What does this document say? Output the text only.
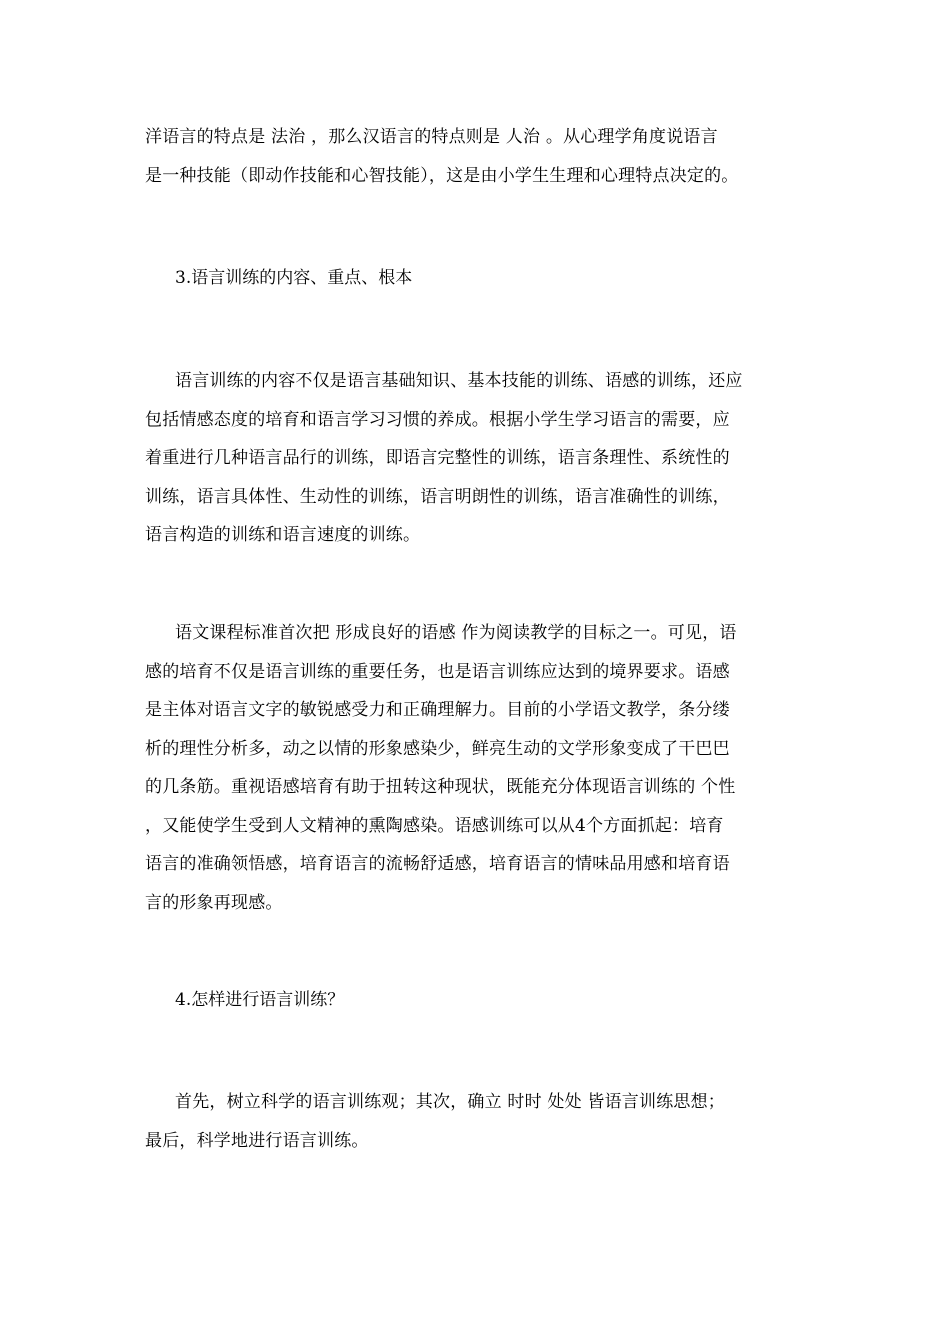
洋语言的特点是 法治 ，那么汉语言的特点则是 人治 。从心理学角度说语言
是一种技能（即动作技能和心智技能），这是由小学生生理和心理特点决定的。

3.语言训练的内容、重点、根本

语言训练的内容不仅是语言基础知识、基本技能的训练、语感的训练，还应
包括情感态度的培育和语言学习习惯的养成。根据小学生学习语言的需要，应
着重进行几种语言品行的训练，即语言完整性的训练，语言条理性、系统性的
训练，语言具体性、生动性的训练，语言明朗性的训练，语言准确性的训练，
语言构造的训练和语言速度的训练。

语文课程标准首次把 形成良好的语感 作为阅读教学的目标之一。可见，语
感的培育不仅是语言训练的重要任务，也是语言训练应达到的境界要求。语感
是主体对语言文字的敏锐感受力和正确理解力。目前的小学语文教学，条分缕
析的理性分析多，动之以情的形象感染少，鲜亮生动的文学形象变成了干巴巴
的几条筋。重视语感培育有助于扭转这种现状，既能充分体现语言训练的 个性
，又能使学生受到人文精神的熏陶感染。语感训练可以从4个方面抓起：培育
语言的准确领悟感，培育语言的流畅舒适感，培育语言的情味品用感和培育语
言的形象再现感。

4.怎样进行语言训练？

首先，树立科学的语言训练观；其次，确立 时时 处处 皆语言训练思想；
最后，科学地进行语言训练。
